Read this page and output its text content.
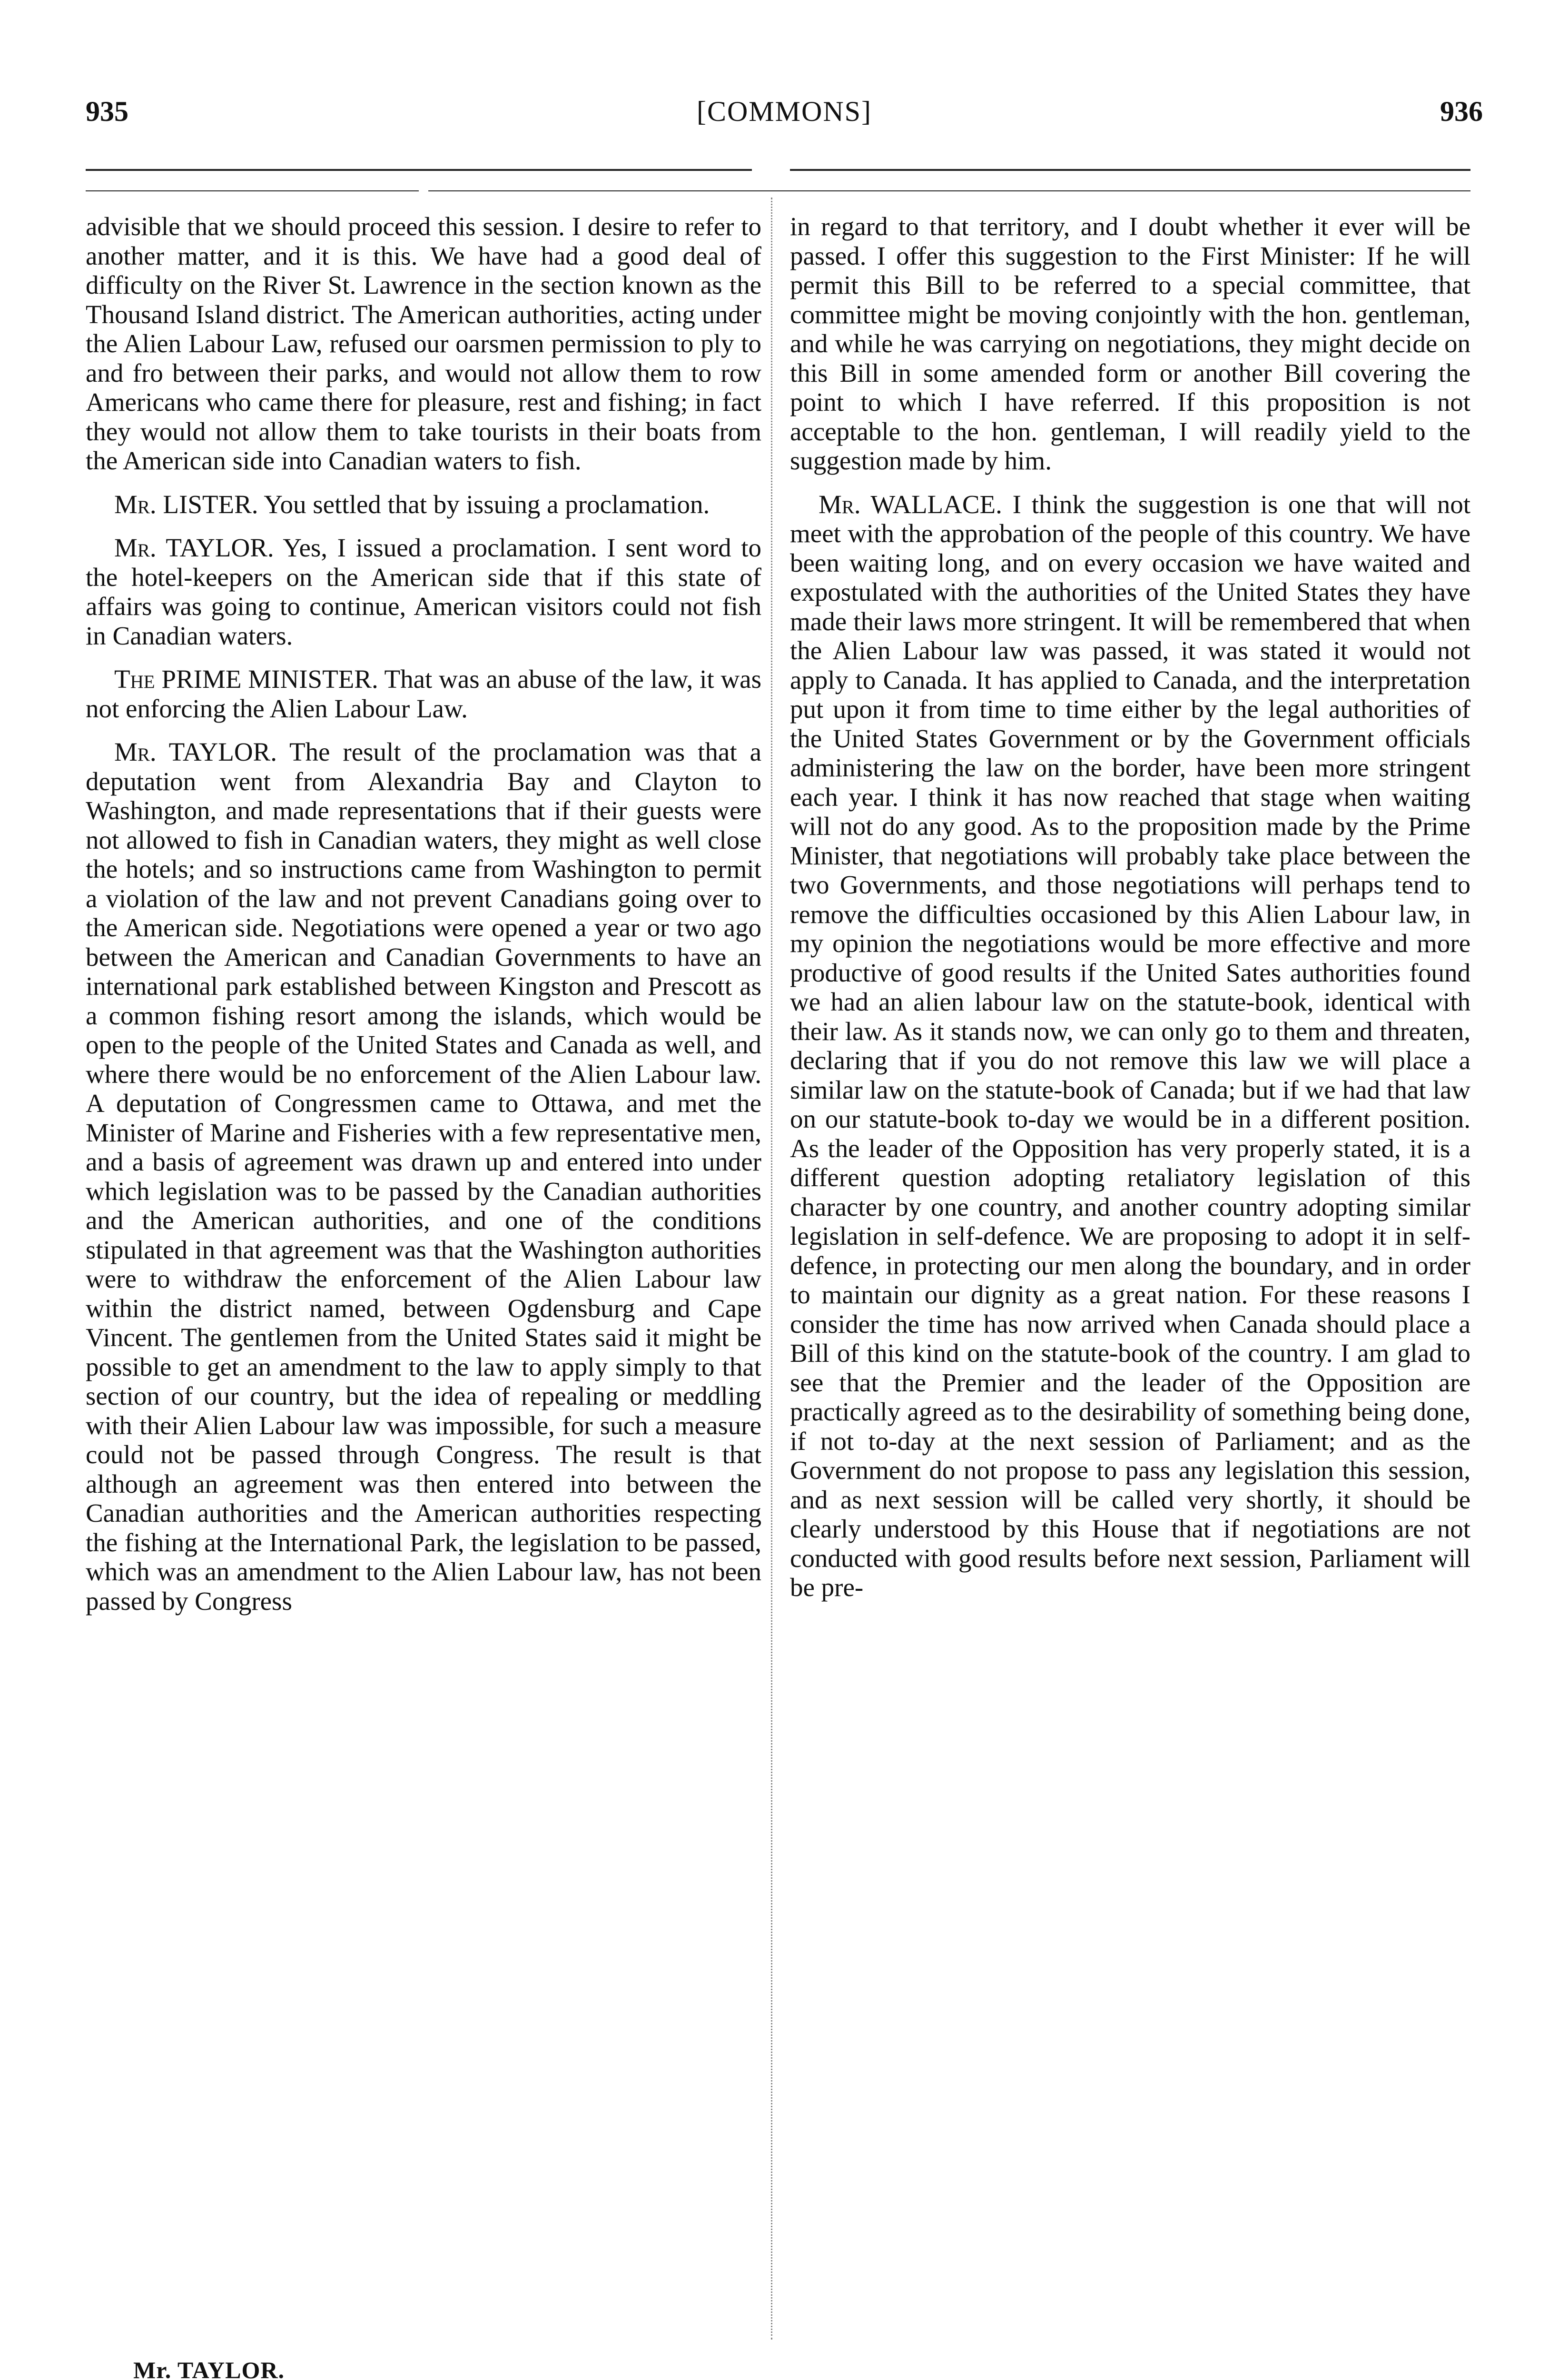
935	[COMMONS]	936

advisible that we should proceed this session. I desire to refer to another matter, and it is this. We have had a good deal of difficulty on the River St. Lawrence in the section known as the Thousand Island district. The American authorities, acting under the Alien Labour Law, refused our oarsmen permission to ply to and fro between their parks, and would not allow them to row Americans who came there for pleasure, rest and fishing; in fact they would not allow them to take tourists in their boats from the American side into Canadian waters to fish.

Mr. LISTER. You settled that by issuing a proclamation.

Mr. TAYLOR. Yes, I issued a proclamation. I sent word to the hotel-keepers on the American side that if this state of affairs was going to continue, American visitors could not fish in Canadian waters.

The PRIME MINISTER. That was an abuse of the law, it was not enforcing the Alien Labour Law.

Mr. TAYLOR. The result of the proclamation was that a deputation went from Alexandria Bay and Clayton to Washington, and made representations that if their guests were not allowed to fish in Canadian waters, they might as well close the hotels; and so instructions came from Washington to permit a violation of the law and not prevent Canadians going over to the American side. Negotiations were opened a year or two ago between the American and Canadian Governments to have an international park established between Kingston and Prescott as a common fishing resort among the islands, which would be open to the people of the United States and Canada as well, and where there would be no enforcement of the Alien Labour law. A deputation of Congressmen came to Ottawa, and met the Minister of Marine and Fisheries with a few representative men, and a basis of agreement was drawn up and entered into under which legislation was to be passed by the Canadian authorities and the American authorities, and one of the conditions stipulated in that agreement was that the Washington authorities were to withdraw the enforcement of the Alien Labour law within the district named, between Ogdensburg and Cape Vincent. The gentlemen from the United States said it might be possible to get an amendment to the law to apply simply to that section of our country, but the idea of repealing or meddling with their Alien Labour law was impossible, for such a measure could not be passed through Congress. The result is that although an agreement was then entered into between the Canadian authorities and the American authorities respecting the fishing at the International Park, the legislation to be passed, which was an amendment to the Alien Labour law, has not been passed by Congress

in regard to that territory, and I doubt whether it ever will be passed. I offer this suggestion to the First Minister: If he will permit this Bill to be referred to a special committee, that committee might be moving conjointly with the hon. gentleman, and while he was carrying on negotiations, they might decide on this Bill in some amended form or another Bill covering the point to which I have referred. If this proposition is not acceptable to the hon. gentleman, I will readily yield to the suggestion made by him.

Mr. WALLACE. I think the suggestion is one that will not meet with the approbation of the people of this country. We have been waiting long, and on every occasion we have waited and expostulated with the authorities of the United States they have made their laws more stringent. It will be remembered that when the Alien Labour law was passed, it was stated it would not apply to Canada. It has applied to Canada, and the interpretation put upon it from time to time either by the legal authorities of the United States Government or by the Government officials administering the law on the border, have been more stringent each year. I think it has now reached that stage when waiting will not do any good. As to the proposition made by the Prime Minister, that negotiations will probably take place between the two Governments, and those negotiations will perhaps tend to remove the difficulties occasioned by this Alien Labour law, in my opinion the negotiations would be more effective and more productive of good results if the United Sates authorities found we had an alien labour law on the statute-book, identical with their law. As it stands now, we can only go to them and threaten, declaring that if you do not remove this law we will place a similar law on the statute-book of Canada; but if we had that law on our statute-book to-day we would be in a different position. As the leader of the Opposition has very properly stated, it is a different question adopting retaliatory legislation of this character by one country, and another country adopting similar legislation in self-defence. We are proposing to adopt it in self-defence, in protecting our men along the boundary, and in order to maintain our dignity as a great nation. For these reasons I consider the time has now arrived when Canada should place a Bill of this kind on the statute-book of the country. I am glad to see that the Premier and the leader of the Opposition are practically agreed as to the desirability of something being done, if not to-day at the next session of Parliament; and as the Government do not propose to pass any legislation this session, and as next session will be called very shortly, it should be clearly understood by this House that if negotiations are not conducted with good results before next session, Parliament will be pre-

Mr. TAYLOR.
